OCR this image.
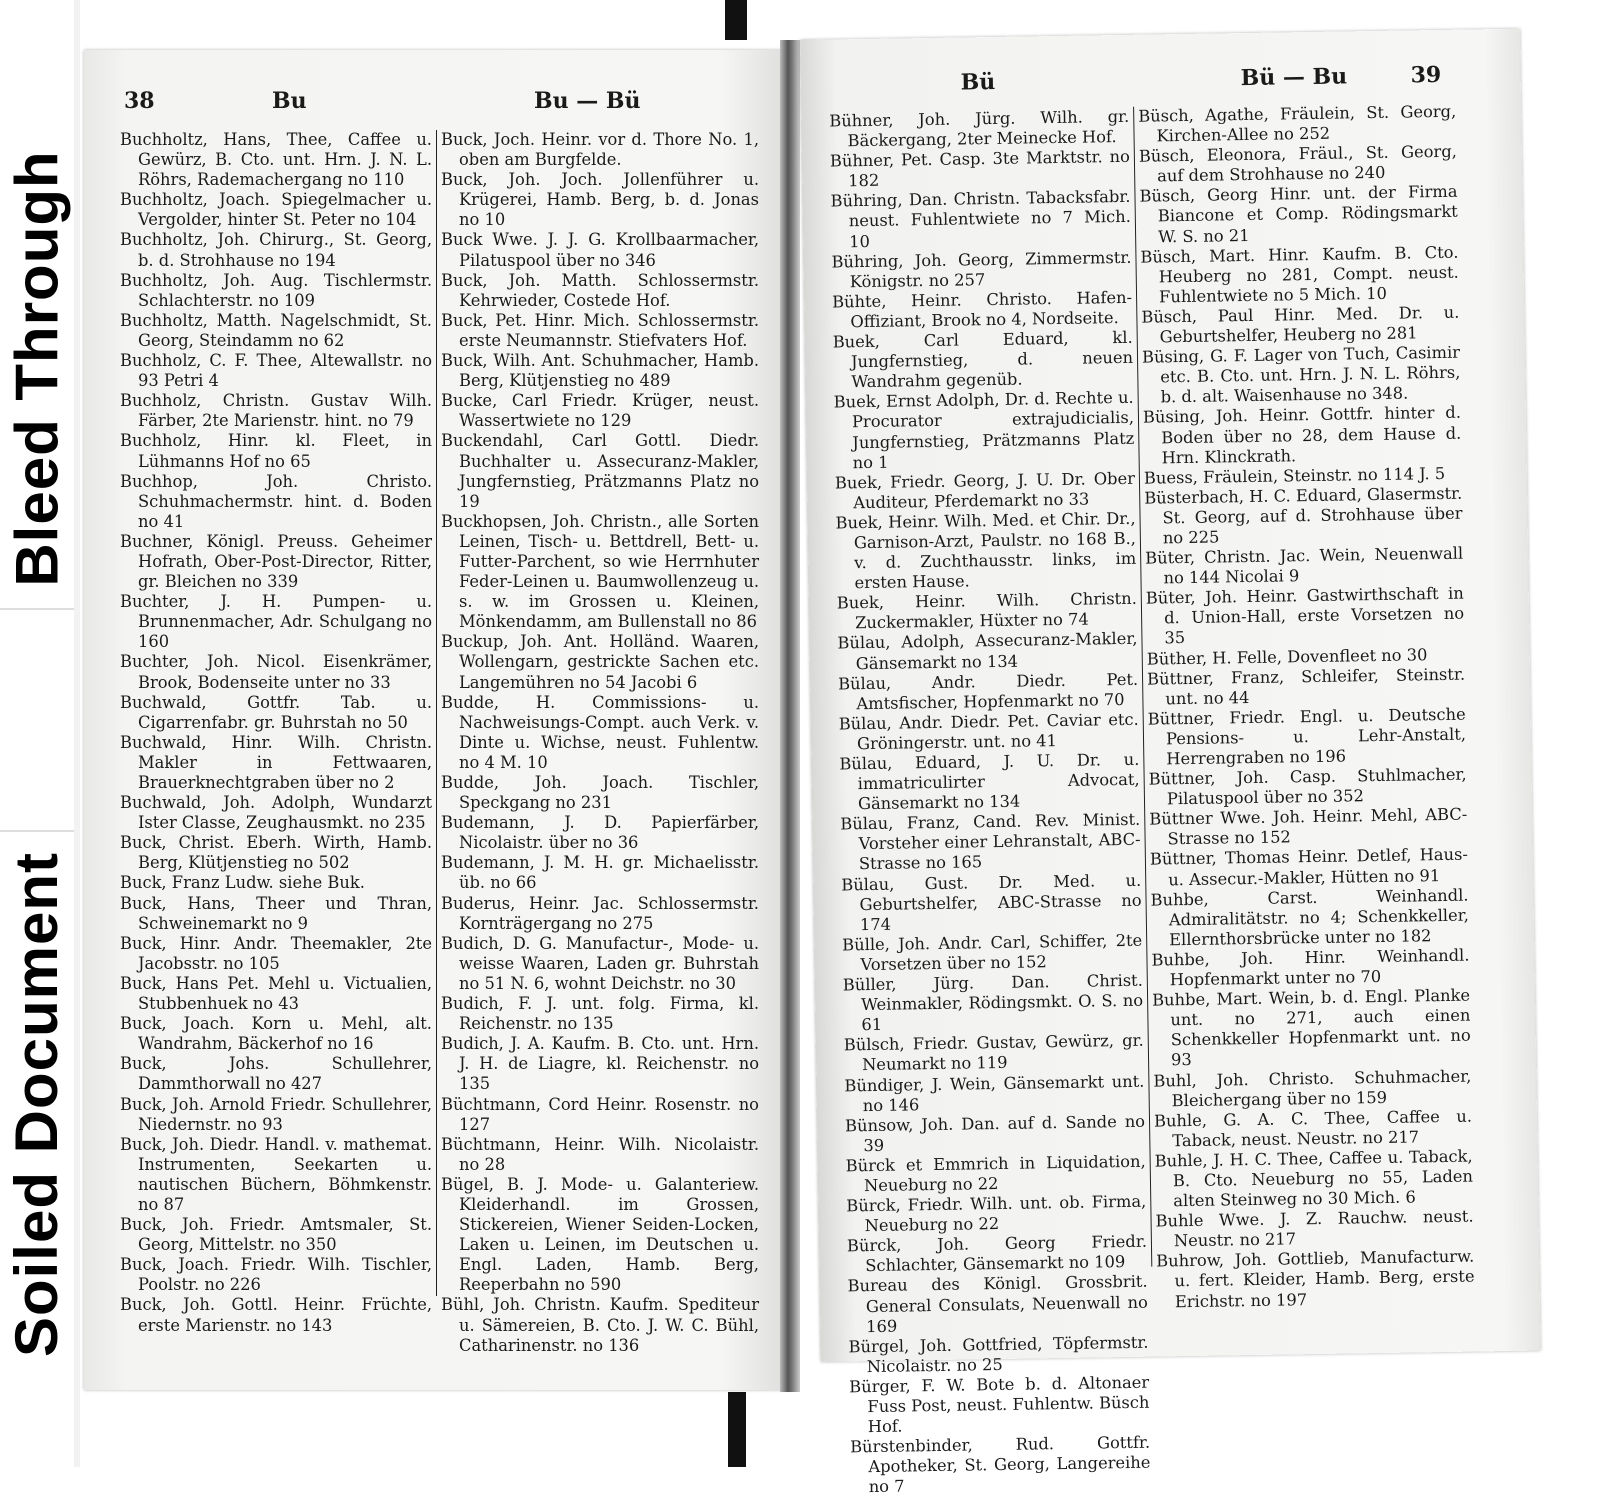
Bleed Through
Soiled Document
38	Bu	Bu — Bü

Buchholtz, Hans, Thee, Caffee u. Gewürz, B. Cto. unt. Hrn. J. N. L. Röhrs, Rademachergang no 110

Buchholtz, Joach. Spiegelmacher u. Vergolder, hinter St. Peter no 104

Buchholtz, Joh. Chirurg., St. Georg, b. d. Strohhause no 194

Buchholtz, Joh. Aug. Tischlermstr. Schlachterstr. no 109

Buchholtz, Matth. Nagelschmidt, St. Georg, Steindamm no 62

Buchholz, C. F. Thee, Altewallstr. no 93 Petri 4

Buchholz, Christn. Gustav Wilh. Färber, 2te Marienstr. hint. no 79

Buchholz, Hinr. kl. Fleet, in Lühmanns Hof no 65

Buchhop, Joh. Christo. Schuhmachermstr. hint. d. Boden no 41

Buchner, Königl. Preuss. Geheimer Hofrath, Ober-Post-Director, Ritter, gr. Bleichen no 339

Buchter, J. H. Pumpen- u. Brunnenmacher, Adr. Schulgang no 160

Buchter, Joh. Nicol. Eisenkrämer, Brook, Bodenseite unter no 33

Buchwald, Gottfr. Tab. u. Cigarrenfabr. gr. Buhrstah no 50

Buchwald, Hinr. Wilh. Christn. Makler in Fettwaaren, Brauerknechtgraben über no 2

Buchwald, Joh. Adolph, Wundarzt Ister Classe, Zeughausmkt. no 235

Buck, Christ. Eberh. Wirth, Hamb. Berg, Klütjenstieg no 502

Buck, Franz Ludw. siehe Buk.

Buck, Hans, Theer und Thran, Schweinemarkt no 9

Buck, Hinr. Andr. Theemakler, 2te Jacobsstr. no 105

Buck, Hans Pet. Mehl u. Victualien, Stubbenhuek no 43

Buck, Joach. Korn u. Mehl, alt. Wandrahm, Bäckerhof no 16

Buck, Johs. Schullehrer, Dammthorwall no 427

Buck, Joh. Arnold Friedr. Schullehrer, Niedernstr. no 93

Buck, Joh. Diedr. Handl. v. mathemat. Instrumenten, Seekarten u. nautischen Büchern, Böhmkenstr. no 87

Buck, Joh. Friedr. Amtsmaler, St. Georg, Mittelstr. no 350

Buck, Joach. Friedr. Wilh. Tischler, Poolstr. no 226

Buck, Joh. Gottl. Heinr. Früchte, erste Marienstr. no 143

Buck, Joch. Heinr. vor d. Thore No. 1, oben am Burgfelde.

Buck, Joh. Joch. Jollenführer u. Krügerei, Hamb. Berg, b. d. Jonas no 10

Buck Wwe. J. J. G. Krollbaarmacher, Pilatuspool über no 346

Buck, Joh. Matth. Schlossermstr. Kehrwieder, Costede Hof.

Buck, Pet. Hinr. Mich. Schlossermstr. erste Neumannstr. Stiefvaters Hof.

Buck, Wilh. Ant. Schuhmacher, Hamb. Berg, Klütjenstieg no 489

Bucke, Carl Friedr. Krüger, neust. Wassertwiete no 129

Buckendahl, Carl Gottl. Diedr. Buchhalter u. Assecuranz-Makler, Jungfernstieg, Prätzmanns Platz no 19

Buckhopsen, Joh. Christn., alle Sorten Leinen, Tisch- u. Bettdrell, Bett- u. Futter-Parchent, so wie Herrnhuter Feder-Leinen u. Baumwollenzeug u. s. w. im Grossen u. Kleinen, Mönkendamm, am Bullenstall no 86

Buckup, Joh. Ant. Holländ. Waaren, Wollengarn, gestrickte Sachen etc. Langemühren no 54 Jacobi 6

Budde, H. Commissions- u. Nachweisungs-Compt. auch Verk. v. Dinte u. Wichse, neust. Fuhlentw. no 4 M. 10

Budde, Joh. Joach. Tischler, Speckgang no 231

Budemann, J. D. Papierfärber, Nicolaistr. über no 36

Budemann, J. M. H. gr. Michaelisstr. üb. no 66

Buderus, Heinr. Jac. Schlossermstr. Kornträgergang no 275

Budich, D. G. Manufactur-, Mode- u. weisse Waaren, Laden gr. Buhrstah no 51 N. 6, wohnt Deichstr. no 30

Budich, F. J. unt. folg. Firma, kl. Reichenstr. no 135

Budich, J. A. Kaufm. B. Cto. unt. Hrn. J. H. de Liagre, kl. Reichenstr. no 135

Büchtmann, Cord Heinr. Rosenstr. no 127

Büchtmann, Heinr. Wilh. Nicolaistr. no 28

Bügel, B. J. Mode- u. Galanteriew. Kleiderhandl. im Grossen, Stickereien, Wiener Seiden-Locken, Laken u. Leinen, im Deutschen u. Engl. Laden, Hamb. Berg, Reeperbahn no 590

Bühl, Joh. Christn. Kaufm. Spediteur u. Sämereien, B. Cto. J. W. C. Bühl, Catharinenstr. no 136

Bü	Bü — Bu	39

Bühner, Joh. Jürg. Wilh. gr. Bäckergang, 2ter Meinecke Hof.

Bühner, Pet. Casp. 3te Marktstr. no 182

Bühring, Dan. Christn. Tabacksfabr. neust. Fuhlentwiete no 7 Mich. 10

Bühring, Joh. Georg, Zimmermstr. Königstr. no 257

Bühte, Heinr. Christo. Hafen-Offiziant, Brook no 4, Nordseite.

Buek, Carl Eduard, kl. Jungfernstieg, d. neuen Wandrahm gegenüb.

Buek, Ernst Adolph, Dr. d. Rechte u. Procurator extrajudicialis, Jungfernstieg, Prätzmanns Platz no 1

Buek, Friedr. Georg, J. U. Dr. Ober Auditeur, Pferdemarkt no 33

Buek, Heinr. Wilh. Med. et Chir. Dr., Garnison-Arzt, Paulstr. no 168 B., v. d. Zuchthausstr. links, im ersten Hause.

Buek, Heinr. Wilh. Christn. Zuckermakler, Hüxter no 74

Bülau, Adolph, Assecuranz-Makler, Gänsemarkt no 134

Bülau, Andr. Diedr. Pet. Amtsfischer, Hopfenmarkt no 70

Bülau, Andr. Diedr. Pet. Caviar etc. Gröningerstr. unt. no 41

Bülau, Eduard, J. U. Dr. u. immatriculirter Advocat, Gänsemarkt no 134

Bülau, Franz, Cand. Rev. Minist. Vorsteher einer Lehranstalt, ABC-Strasse no 165

Bülau, Gust. Dr. Med. u. Geburtshelfer, ABC-Strasse no 174

Bülle, Joh. Andr. Carl, Schiffer, 2te Vorsetzen über no 152

Büller, Jürg. Dan. Christ. Weinmakler, Rödingsmkt. O. S. no 61

Bülsch, Friedr. Gustav, Gewürz, gr. Neumarkt no 119

Bündiger, J. Wein, Gänsemarkt unt. no 146

Bünsow, Joh. Dan. auf d. Sande no 39

Bürck et Emmrich in Liquidation, Neueburg no 22

Bürck, Friedr. Wilh. unt. ob. Firma, Neueburg no 22

Bürck, Joh. Georg Friedr. Schlachter, Gänsemarkt no 109

Bureau des Königl. Grossbrit. General Consulats, Neuenwall no 169

Bürgel, Joh. Gottfried, Töpfermstr. Nicolaistr. no 25

Bürger, F. W. Bote b. d. Altonaer Fuss Post, neust. Fuhlentw. Büsch Hof.

Bürstenbinder, Rud. Gottfr. Apotheker, St. Georg, Langereihe no 7

Büsch, Agathe, Fräulein, St. Georg, Kirchen-Allee no 252

Büsch, Eleonora, Fräul., St. Georg, auf dem Strohhause no 240

Büsch, Georg Hinr. unt. der Firma Biancone et Comp. Rödingsmarkt W. S. no 21

Büsch, Mart. Hinr. Kaufm. B. Cto. Heuberg no 281, Compt. neust. Fuhlentwiete no 5 Mich. 10

Büsch, Paul Hinr. Med. Dr. u. Geburtshelfer, Heuberg no 281

Büsing, G. F. Lager von Tuch, Casimir etc. B. Cto. unt. Hrn. J. N. L. Röhrs, b. d. alt. Waisenhause no 348.

Büsing, Joh. Heinr. Gottfr. hinter d. Boden über no 28, dem Hause d. Hrn. Klinckrath.

Buess, Fräulein, Steinstr. no 114 J. 5

Büsterbach, H. C. Eduard, Glasermstr. St. Georg, auf d. Strohhause über no 225

Büter, Christn. Jac. Wein, Neuenwall no 144 Nicolai 9

Büter, Joh. Heinr. Gastwirthschaft in d. Union-Hall, erste Vorsetzen no 35

Büther, H. Felle, Dovenfleet no 30

Büttner, Franz, Schleifer, Steinstr. unt. no 44

Büttner, Friedr. Engl. u. Deutsche Pensions- u. Lehr-Anstalt, Herrengraben no 196

Büttner, Joh. Casp. Stuhlmacher, Pilatuspool über no 352

Büttner Wwe. Joh. Heinr. Mehl, ABC-Strasse no 152

Büttner, Thomas Heinr. Detlef, Haus- u. Assecur.-Makler, Hütten no 91

Buhbe, Carst. Weinhandl. Admiralitätstr. no 4; Schenkkeller, Ellernthorsbrücke unter no 182

Buhbe, Joh. Hinr. Weinhandl. Hopfenmarkt unter no 70

Buhbe, Mart. Wein, b. d. Engl. Planke unt. no 271, auch einen Schenkkeller Hopfenmarkt unt. no 93

Buhl, Joh. Christo. Schuhmacher, Bleichergang über no 159

Buhle, G. A. C. Thee, Caffee u. Taback, neust. Neustr. no 217

Buhle, J. H. C. Thee, Caffee u. Taback, B. Cto. Neueburg no 55, Laden alten Steinweg no 30 Mich. 6

Buhle Wwe. J. Z. Rauchw. neust. Neustr. no 217

Buhrow, Joh. Gottlieb, Manufacturw. u. fert. Kleider, Hamb. Berg, erste Erichstr. no 197
